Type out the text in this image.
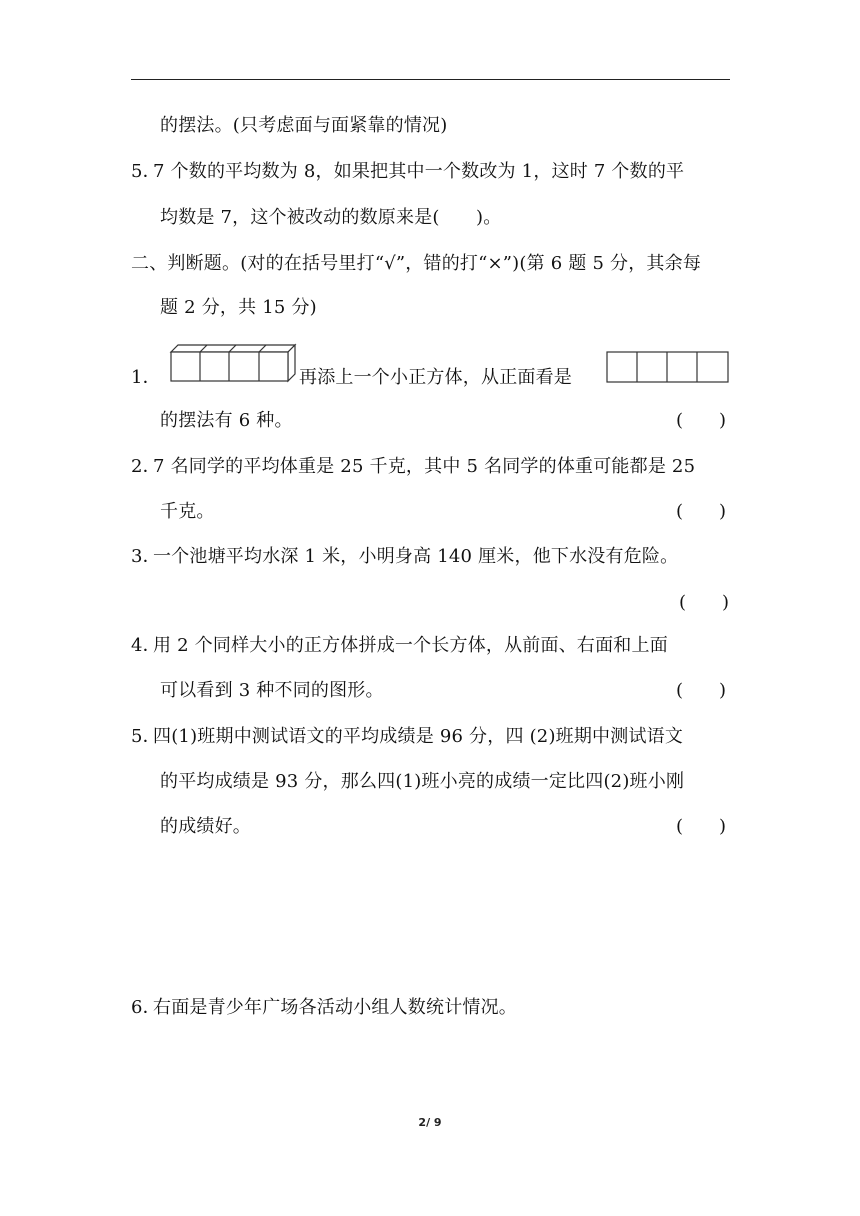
的摆法。(只考虑面与面紧靠的情况)
5．7 个数的平均数为 8，如果把其中一个数改为 1，这时 7 个数的平
均数是 7，这个被改动的数原来是(　　)。
二、判断题。(对的在括号里打“√”，错的打“×”)(第 6 题 5 分，其余每
题 2 分，共 15 分)
1．	再添上一个小正方体，从正面看是
的摆法有 6 种。	(　　)
2．7 名同学的平均体重是 25 千克，其中 5 名同学的体重可能都是 25
千克。	(　　)
3．一个池塘平均水深 1 米，小明身高 140 厘米，他下水没有危险。
(　　)
4．用 2 个同样大小的正方体拼成一个长方体，从前面、右面和上面
可以看到 3 种不同的图形。	(　　)
5．四(1)班期中测试语文的平均成绩是 96 分，四 (2)班期中测试语文
的平均成绩是 93 分，那么四(1)班小亮的成绩一定比四(2)班小刚
的成绩好。	(　　)
6．右面是青少年广场各活动小组人数统计情况。
2/ 9
